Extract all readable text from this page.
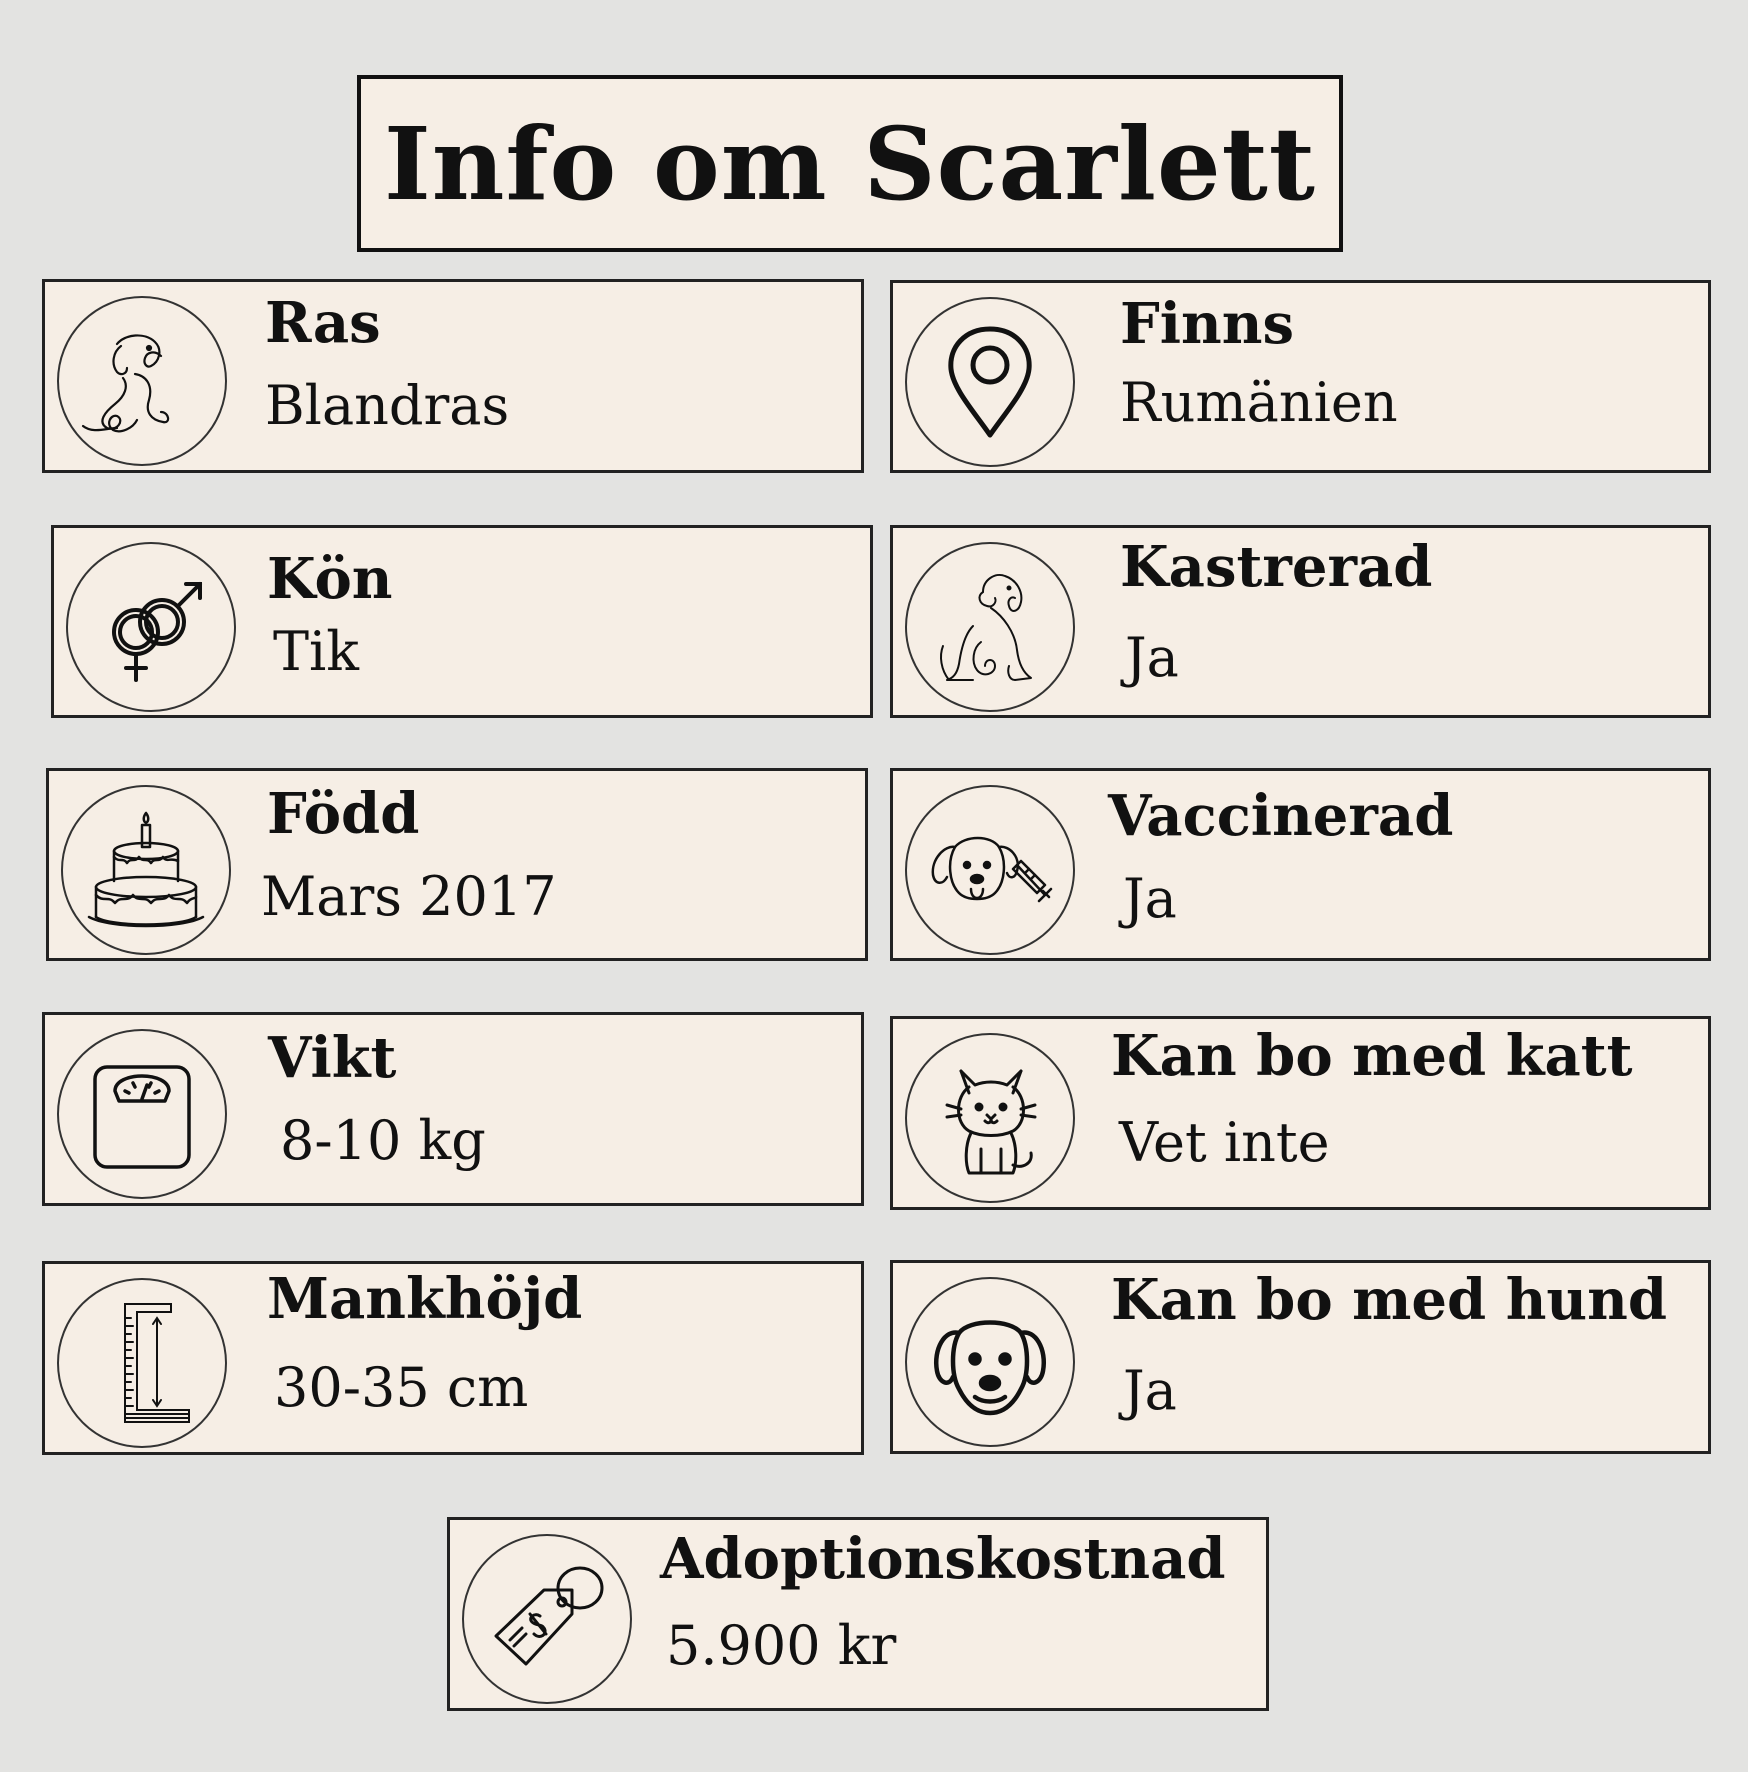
Info om Scarlett
Ras
Blandras
Finns
Rumänien
Kön
Tik
Kastrerad
Ja
Född
Mars 2017
Vaccinerad
Ja
Vikt
8-10 kg
Kan bo med katt
Vet inte
Mankhöjd
30-35 cm
Kan bo med hund
Ja
Adoptionskostnad
5.900 kr
